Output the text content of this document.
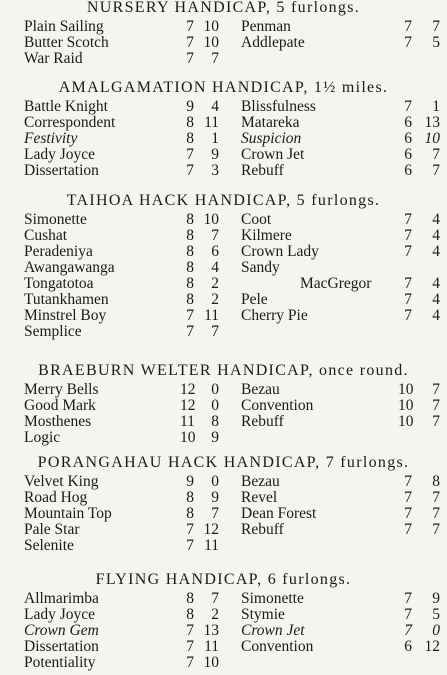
NURSERY HANDICAP, 5 furlongs.
Plain Sailing	7 10 Penman	7	7
Butter Scotch	7 10 Addlepate	7	5
War Raid	7	7
AMALGAMATION HANDICAP, 1½ miles.
Battle Knight	9	4 Blissfulness	7	1
Correspondent	8 11 Matareka	6 13
Festivity	8	1 Suspicion	6 10
Lady Joyce	7	9 Crown Jet	6	7
Dissertation	7	3 Rebuff	6	7
TAIHOA HACK HANDICAP, 5 furlongs.
Simonette	8 10 Coot	7	4
Cushat	8	7 Kilmere	7	4
Peradeniya	8	6 Crown Lady	7	4
Awangawanga	8	4 Sandy
Tongatotoa	8	2	MacGregor	7	4
Tutankhamen	8	2 Pele	7	4
Minstrel Boy	7 11 Cherry Pie	7	4
Semplice	7	7
BRAEBURN WELTER HANDICAP, once round.
Merry Bells	12	0 Bezau	10	7
Good Mark	12	0 Convention	10	7
Mosthenes	11	8 Rebuff	10	7
Logic	10	9
PORANGAHAU HACK HANDICAP, 7 furlongs.
Velvet King	9	0 Bezau	7	8
Road Hog	8	9 Revel	7	7
Mountain Top	8	7 Dean Forest	7	7
Pale Star	7 12 Rebuff	7	7
Selenite	7 11
FLYING HANDICAP, 6 furlongs.
Allmarimba	8	7 Simonette	7	9
Lady Joyce	8	2 Stymie	7	5
Crown Gem	7 13 Crown Jet	7	0
Dissertation	7 11 Convention	6 12
Potentiality	7 10
